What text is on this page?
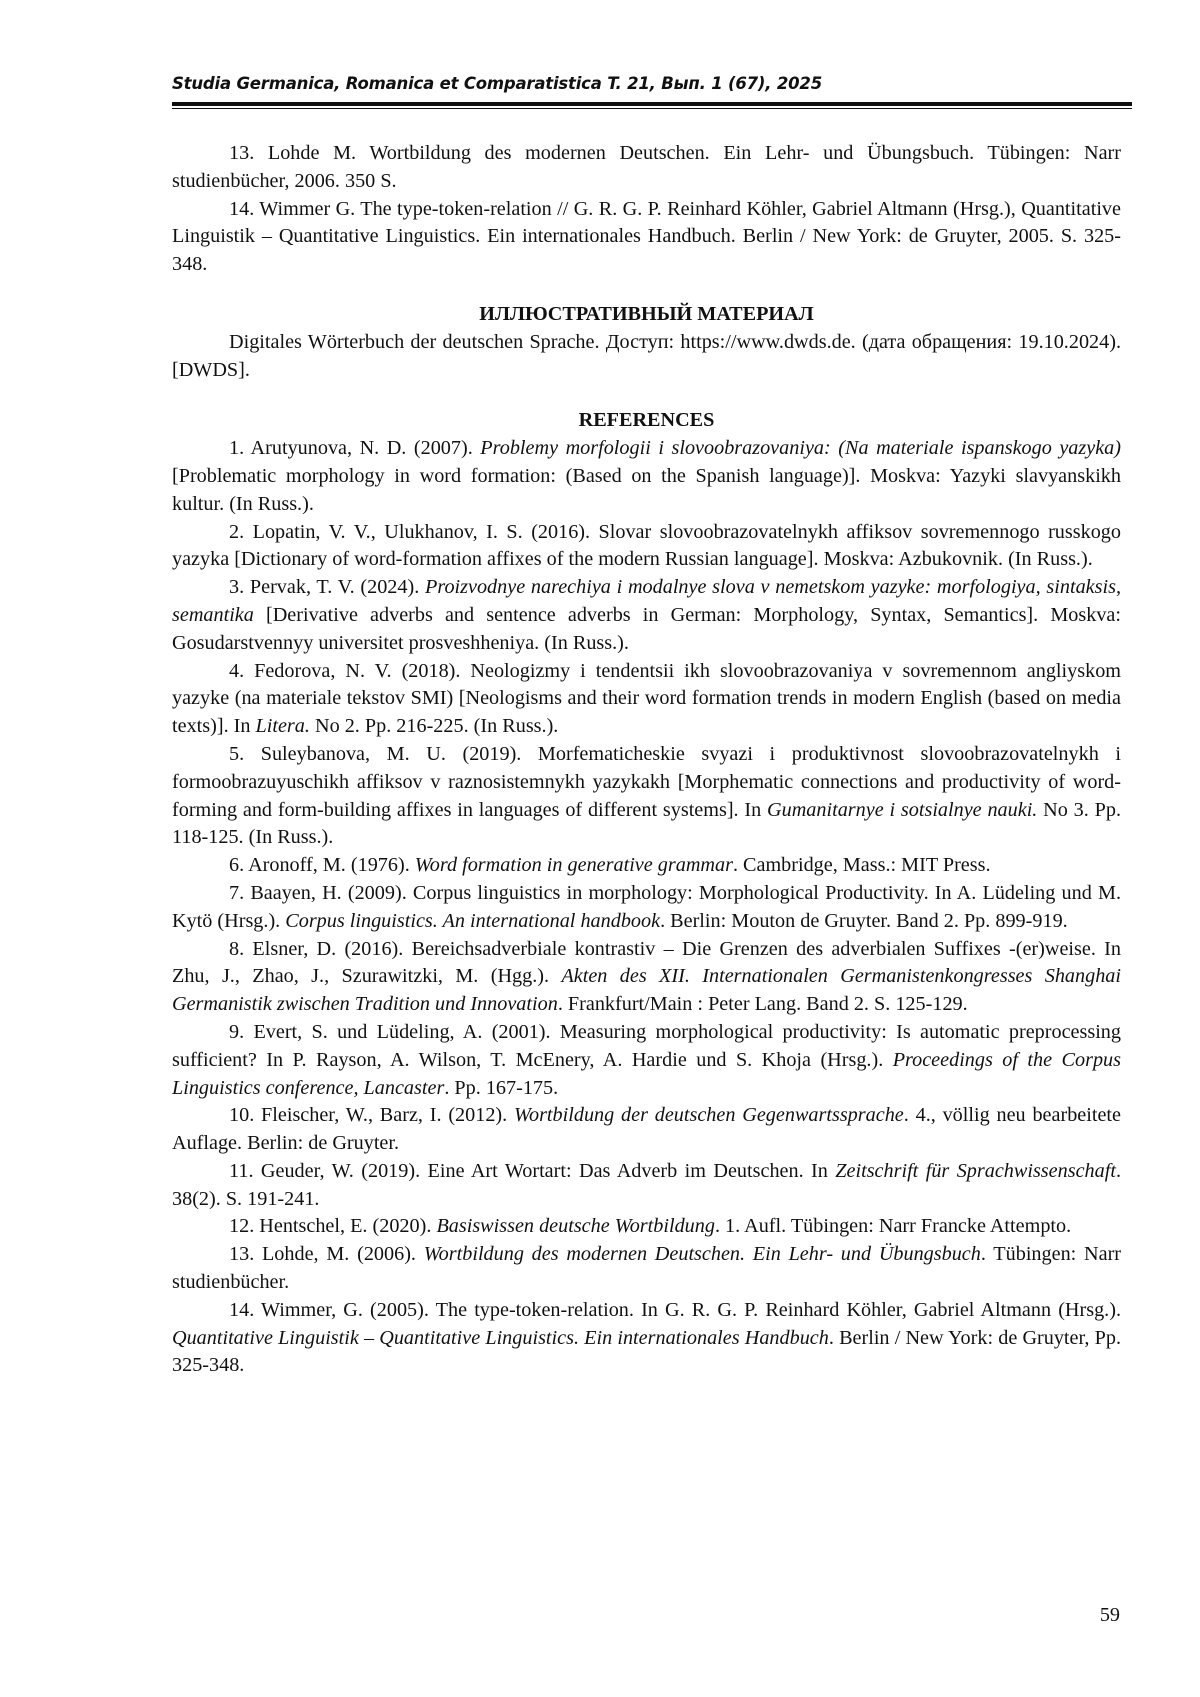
Studia Germanica, Romanica et Comparatistica T. 21, Вып. 1 (67), 2025

13. Lohde M. Wortbildung des modernen Deutschen. Ein Lehr- und Übungsbuch. Tübingen: Narr studienbücher, 2006. 350 S.

14. Wimmer G. The type-token-relation // G. R. G. P. Reinhard Köhler, Gabriel Altmann (Hrsg.), Quantitative Linguistik – Quantitative Linguistics. Ein internationales Handbuch. Berlin / New York: de Gruyter, 2005. S. 325-348.

ИЛЛЮСТРАТИВНЫЙ МАТЕРИАЛ

Digitales Wörterbuch der deutschen Sprache. Доступ: https://www.dwds.de. (дата обращения: 19.10.2024). [DWDS].

REFERENCES

1. Arutyunova, N. D. (2007). Problemy morfologii i slovoobrazovaniya: (Na materiale ispanskogo yazyka) [Problematic morphology in word formation: (Based on the Spanish language)]. Moskva: Yazyki slavyanskikh kultur. (In Russ.).

2. Lopatin, V. V., Ulukhanov, I. S. (2016). Slovar slovoobrazovatelnykh affiksov sovremennogo russkogo yazyka [Dictionary of word-formation affixes of the modern Russian language]. Moskva: Azbukovnik. (In Russ.).

3. Pervak, T. V. (2024). Proizvodnye narechiya i modalnye slova v nemetskom yazyke: morfologiya, sintaksis, semantika [Derivative adverbs and sentence adverbs in German: Morphology, Syntax, Semantics]. Moskva: Gosudarstvennyy universitet prosveshheniya. (In Russ.).

4. Fedorova, N. V. (2018). Neologizmy i tendentsii ikh slovoobrazovaniya v sovremennom angliyskom yazyke (na materiale tekstov SMI) [Neologisms and their word formation trends in modern English (based on media texts)]. In Litera. No 2. Pp. 216-225. (In Russ.).

5. Suleybanova, M. U. (2019). Morfematicheskie svyazi i produktivnost slovoobrazovatelnykh i formoobrazuyuschikh affiksov v raznosistemnykh yazykakh [Morphematic connections and productivity of word-forming and form-building affixes in languages of different systems]. In Gumanitarnye i sotsialnye nauki. No 3. Pp. 118-125. (In Russ.).

6. Aronoff, M. (1976). Word formation in generative grammar. Cambridge, Mass.: MIT Press.

7. Baayen, H. (2009). Corpus linguistics in morphology: Morphological Productivity. In A. Lüdeling und M. Kytö (Hrsg.). Corpus linguistics. An international handbook. Berlin: Mouton de Gruyter. Band 2. Pp. 899-919.

8. Elsner, D. (2016). Bereichsadverbiale kontrastiv – Die Grenzen des adverbialen Suffixes -(er)weise. In Zhu, J., Zhao, J., Szurawitzki, M. (Hgg.). Akten des XII. Internationalen Germanistenkongresses Shanghai Germanistik zwischen Tradition und Innovation. Frankfurt/Main : Peter Lang. Band 2. S. 125-129.

9. Evert, S. und Lüdeling, A. (2001). Measuring morphological productivity: Is automatic preprocessing sufficient? In P. Rayson, A. Wilson, T. McEnery, A. Hardie und S. Khoja (Hrsg.). Proceedings of the Corpus Linguistics conference, Lancaster. Pp. 167-175.

10. Fleischer, W., Barz, I. (2012). Wortbildung der deutschen Gegenwartssprache. 4., völlig neu bearbeitete Auflage. Berlin: de Gruyter.

11. Geuder, W. (2019). Eine Art Wortart: Das Adverb im Deutschen. In Zeitschrift für Sprachwissenschaft. 38(2). S. 191-241.

12. Hentschel, E. (2020). Basiswissen deutsche Wortbildung. 1. Aufl. Tübingen: Narr Francke Attempto.

13. Lohde, M. (2006). Wortbildung des modernen Deutschen. Ein Lehr- und Übungsbuch. Tübingen: Narr studienbücher.

14. Wimmer, G. (2005). The type-token-relation. In G. R. G. P. Reinhard Köhler, Gabriel Altmann (Hrsg.). Quantitative Linguistik – Quantitative Linguistics. Ein internationales Handbuch. Berlin / New York: de Gruyter, Pp. 325-348.

59
